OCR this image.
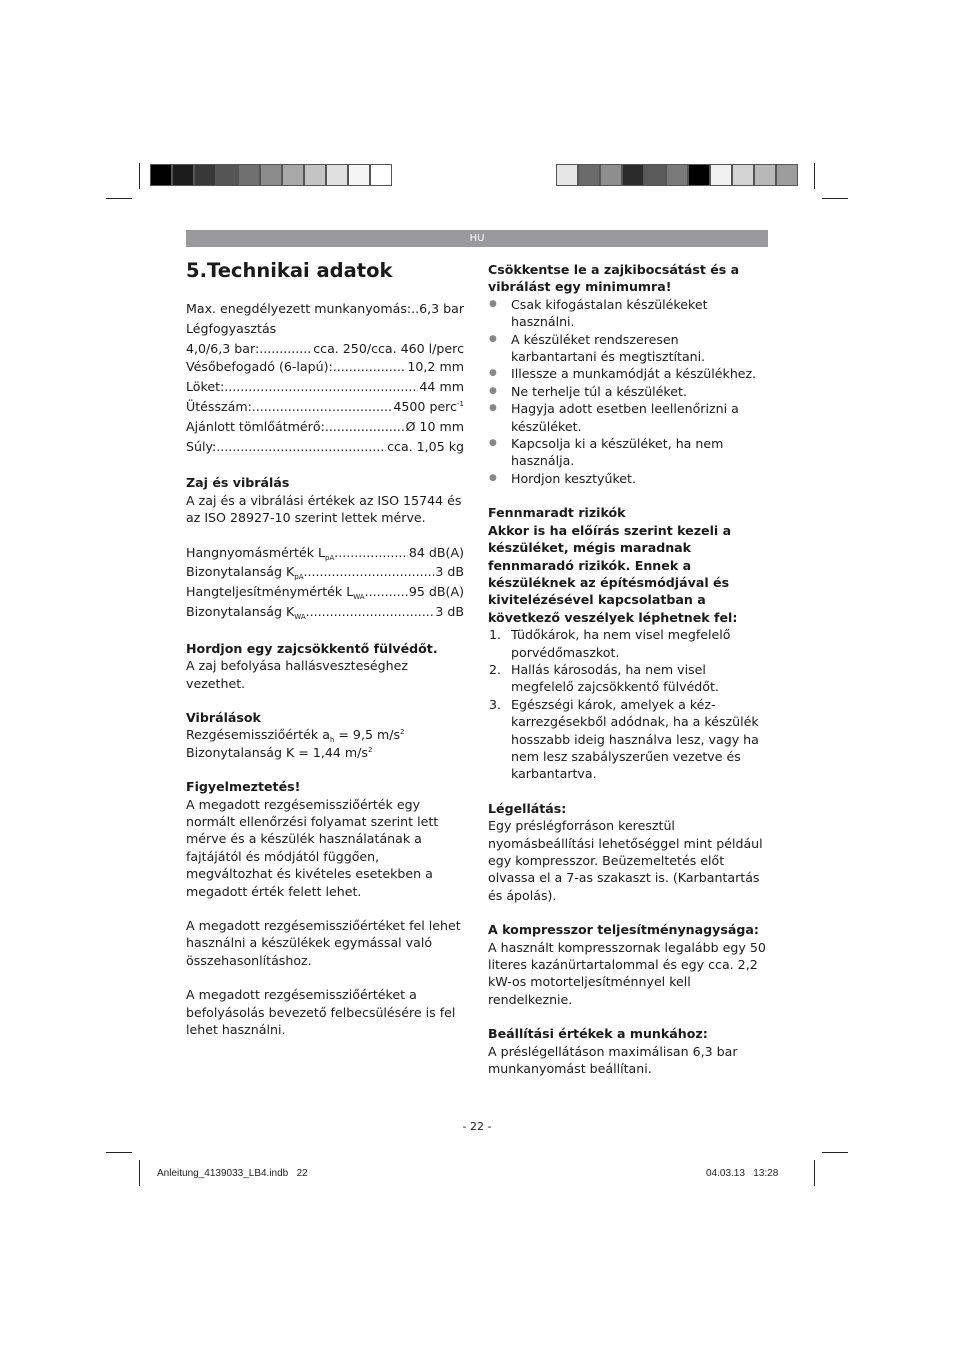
HU
5.Technikai adatok
Max. enegdélyezett munkanyomás: ..... 6,3 bar
Légfogyasztás
4,0/6,3 bar: .....	cca. 250/cca. 460 l/perc
Vésőbefogadó (6-lapú): .....	10,2 mm
Löket: .....	44 mm
Ütésszám: .....	4500 perc$^{-1}$
Ajánlott tömlőátmérő: .....	Ø 10 mm
Súly: .....	cca. 1,05 kg

Zaj és vibrálás

A zaj és a vibrálási értékek az ISO 15744 és az ISO 28927-10 szerint lettek mérve.

Hangnyomásmérték $L_{pA}$ .....	84 dB(A)
Bizonytalanság $K_{pA}$ .....	3 dB
Hangteljesítménymérték $L_{WA}$ .....	95 dB(A)
Bizonytalanság $K_{WA}$ .....	3 dB

Hordjon egy zajcsökkentő fülvédőt.

A zaj befolyása hallásveszteséghez vezethet.

Vibrálások

Rezgésemissziőérték $a_h = 9,5$ $m/s^2$

Bizonytalanság K = 1,44 $m/s^2$

Figyelmeztetés!

A megadott rezgésemissziőérték egy normált ellenőrzési folyamat szerint lett mérve és a készülék használatának a fajtájától és módjától függően, megváltozhat és kivételes esetekben a megadott érték felett lehet.

A megadott rezgésemissziőértéket fel lehet használni a készülékek egymással való összehasonlításhoz.

A megadott rezgésemissziőértéket a befolyásolás bevezető felbecsülésére is fel lehet használni.

Csökkentse le a zajkibocsátást és a vibrálást egy minimumra!

● Csak kifogástalan készülékeket használni.
● A készüléket rendszeresen karbantartani és megtisztítani.
● Illessze a munkamódját a készülékhez.
● Ne terhelje túl a készüléket.
● Hagyja adott esetben leellenőrizni a készüléket.
● Kapcsolja ki a készüléket, ha nem használja.
● Hordjon kesztyűket.

Fennmaradt rizikók

Akkor is ha előírás szerint kezeli a készüléket, mégis maradnak fennmaradó rizikók. Ennek a készüléknek az építésmódjával és kivitelézésével kapcsolatban a következő veszélyek léphetnek fel:

1. Tüdőkárok, ha nem visel megfelelő porvédőmaszkot.
2. Hallás károsodás, ha nem visel megfelelő zajcsökkentő fülvédőt.
3. Egészségi károk, amelyek a kéz-karrezgésekből adódnak, ha a készülék hosszabb ideig használva lesz, vagy ha nem lesz szabályszerűen vezetve és karbantartva.

Légellátás:

Egy préslégforráson keresztül nyomásbeállítási lehetőséggel mint például egy kompresszor. Beüzemeltetés előt olvassa el a 7-as szakaszt is. (Karbantartás és ápolás).

A kompresszor teljesítménynagysága:

A használt kompresszornak legalább egy 50 literes kazánürtartalommal és egy cca. 2,2 kW-os motorteljesítménnyel kell rendelkeznie.

Beállítási értékek a munkához:

A préslégellátáson maximálisan 6,3 bar munkanyomást beállítani.

- 22 -
Anleitung_4139033_LB4.indb   22	04.03.13   13:28
